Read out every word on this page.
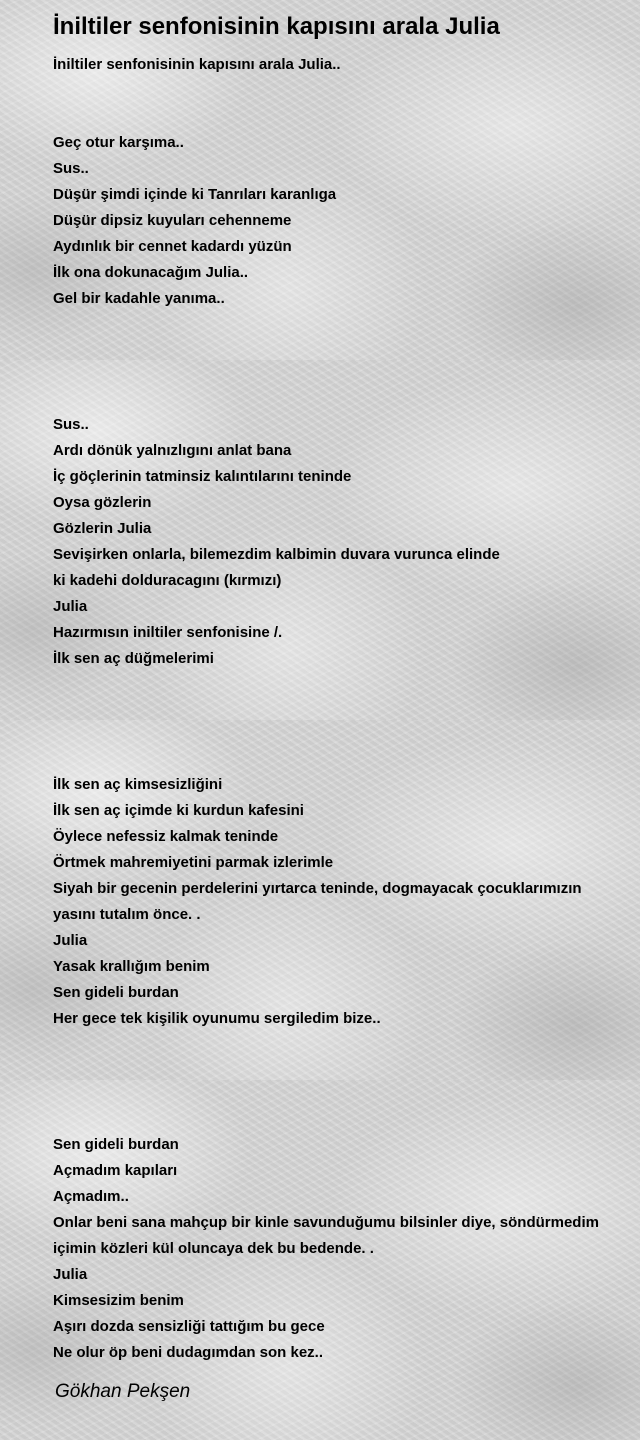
İniltiler senfonisinin kapısını arala Julia

İniltiler senfonisinin kapısını arala Julia..

Geç otur karşıma..

Sus..

Düşür şimdi içinde ki Tanrıları karanlıga

Düşür dipsiz kuyuları cehenneme

Aydınlık bir cennet kadardı yüzün

İlk ona dokunacağım Julia..

Gel bir kadahle yanıma..

Sus..

Ardı dönük yalnızlıgını anlat bana

İç göçlerinin tatminsiz kalıntılarını teninde

Oysa gözlerin

Gözlerin Julia

Sevişirken onlarla, bilemezdim kalbimin duvara vurunca elinde

ki kadehi dolduracagını (kırmızı)

Julia

Hazırmısın iniltiler senfonisine /.

İlk sen aç düğmelerimi

İlk sen aç kimsesizliğini

İlk sen aç içimde ki kurdun kafesini

Öylece nefessiz kalmak teninde

Örtmek mahremiyetini parmak izlerimle

Siyah bir gecenin perdelerini yırtarca teninde, dogmayacak çocuklarımızın

yasını tutalım önce. .

Julia

Yasak krallığım benim

Sen gideli burdan

Her gece tek kişilik oyunumu sergiledim bize..

Sen gideli burdan

Açmadım kapıları

Açmadım..

Onlar beni sana mahçup bir kinle savunduğumu bilsinler diye, söndürmedim

içimin közleri kül oluncaya dek bu bedende. .

Julia

Kimsesizim benim

Aşırı dozda sensizliği tattığım bu gece

Ne olur öp beni dudagımdan son kez..

Gökhan Pekşen
